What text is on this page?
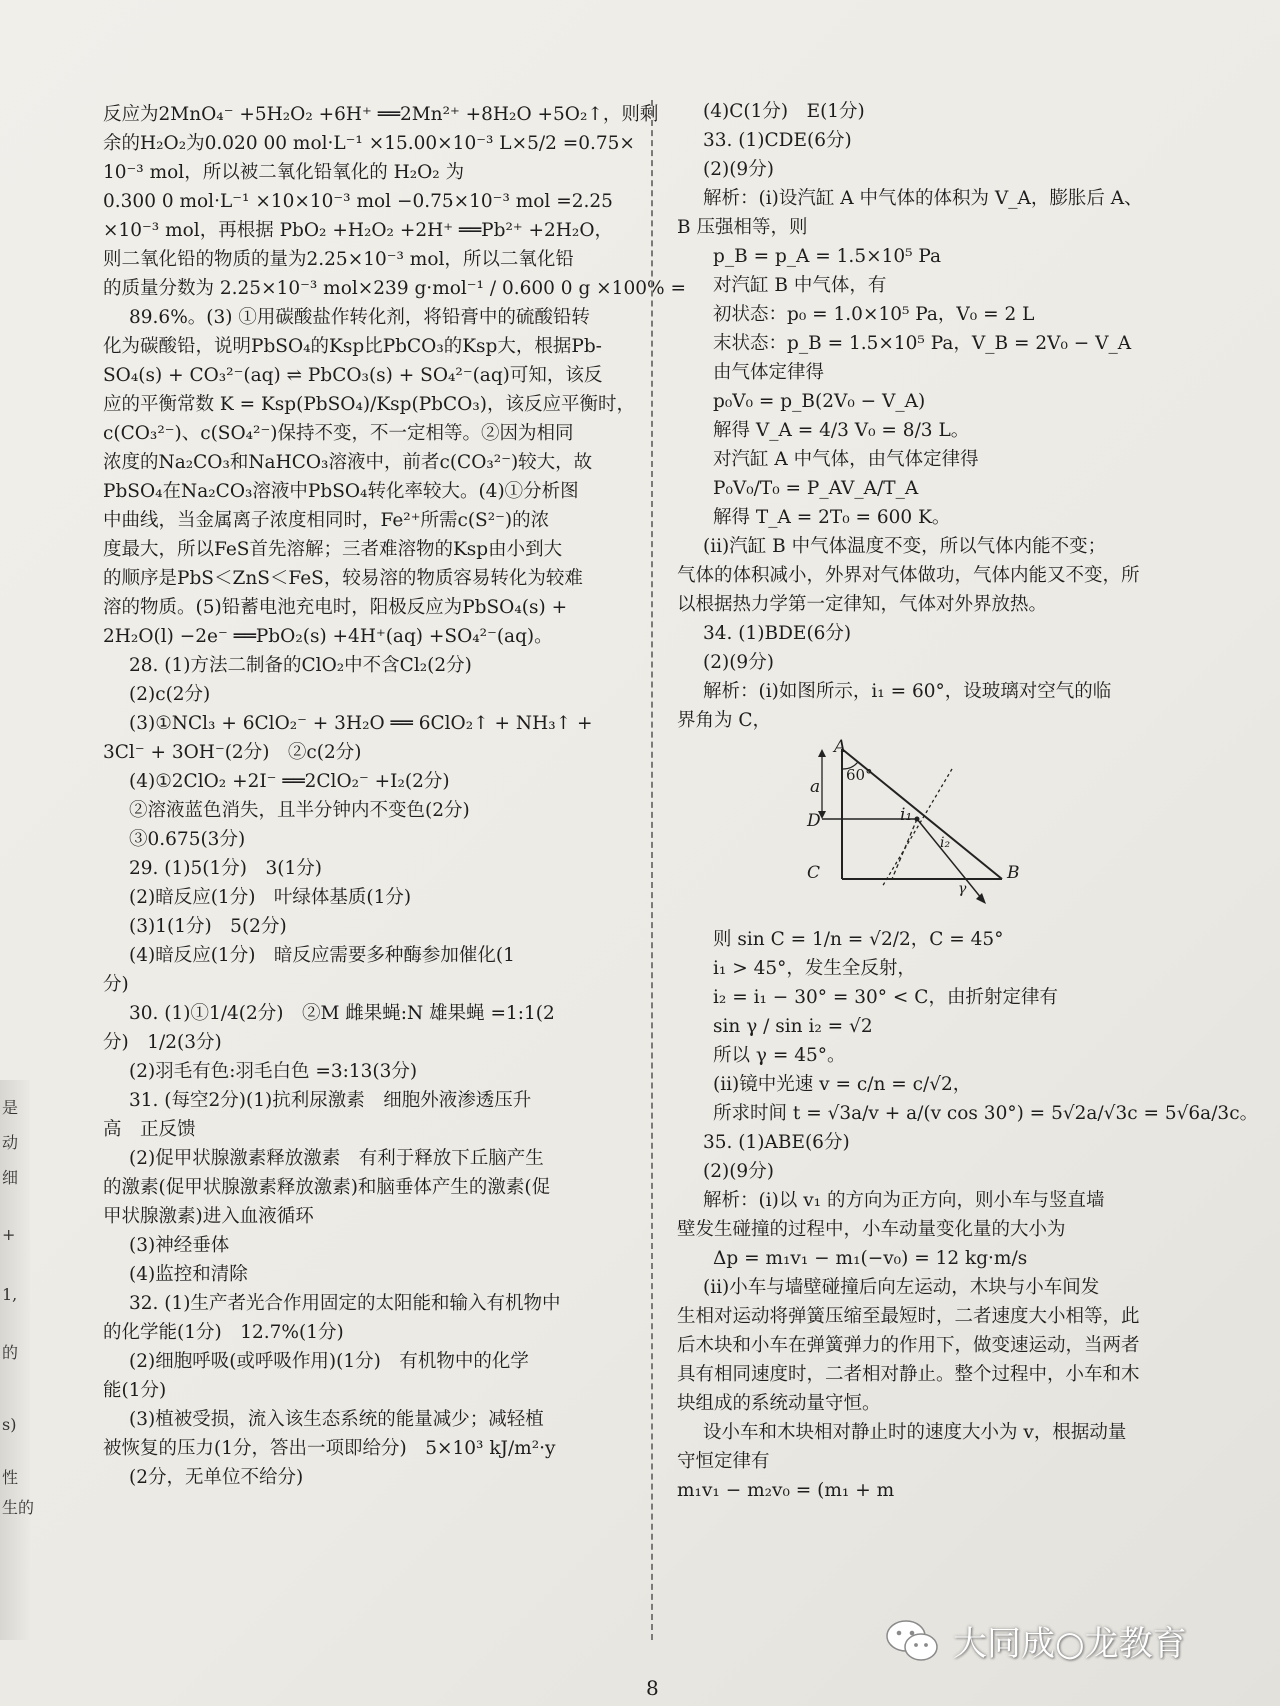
是
动
细
+
1,
的
s)
性
生的
反应为2MnO₄⁻ +5H₂O₂ +6H⁺ ══2Mn²⁺ +8H₂O +5O₂↑，则剩
余的H₂O₂为0.020 00 mol·L⁻¹ ×15.00×10⁻³ L×5/2 =0.75×
10⁻³ mol，所以被二氧化铅氧化的 H₂O₂ 为
0.300 0 mol·L⁻¹ ×10×10⁻³ mol −0.75×10⁻³ mol =2.25
×10⁻³ mol，再根据 PbO₂ +H₂O₂ +2H⁺ ══Pb²⁺ +2H₂O，
则二氧化铅的物质的量为2.25×10⁻³ mol，所以二氧化铅
的质量分数为 2.25×10⁻³ mol×239 g·mol⁻¹ / 0.600 0 g ×100% =
89.6%。(3) ①用碳酸盐作转化剂，将铅膏中的硫酸铅转
化为碳酸铅，说明PbSO₄的Ksp比PbCO₃的Ksp大，根据Pb-
SO₄(s) + CO₃²⁻(aq) ⇌ PbCO₃(s) + SO₄²⁻(aq)可知，该反
应的平衡常数 K = Ksp(PbSO₄)/Ksp(PbCO₃)，该反应平衡时，
c(CO₃²⁻)、c(SO₄²⁻)保持不变，不一定相等。②因为相同
浓度的Na₂CO₃和NaHCO₃溶液中，前者c(CO₃²⁻)较大，故
PbSO₄在Na₂CO₃溶液中PbSO₄转化率较大。(4)①分析图
中曲线，当金属离子浓度相同时，Fe²⁺所需c(S²⁻)的浓
度最大，所以FeS首先溶解；三者难溶物的Ksp由小到大
的顺序是PbS＜ZnS＜FeS，较易溶的物质容易转化为较难
溶的物质。(5)铅蓄电池充电时，阳极反应为PbSO₄(s) +
2H₂O(l) −2e⁻ ══PbO₂(s) +4H⁺(aq) +SO₄²⁻(aq)。
28. (1)方法二制备的ClO₂中不含Cl₂(2分)
(2)c(2分)
(3)①NCl₃ + 6ClO₂⁻ + 3H₂O ══ 6ClO₂↑ + NH₃↑ +
3Cl⁻ + 3OH⁻(2分)　②c(2分)
(4)①2ClO₂ +2I⁻ ══2ClO₂⁻ +I₂(2分)
②溶液蓝色消失，且半分钟内不变色(2分)
③0.675(3分)
29. (1)5(1分)　3(1分)
(2)暗反应(1分)　叶绿体基质(1分)
(3)1(1分)　5(2分)
(4)暗反应(1分)　暗反应需要多种酶参加催化(1
分)
30. (1)①1/4(2分)　②M 雌果蝇:N 雄果蝇 =1:1(2
分)　1/2(3分)
(2)羽毛有色:羽毛白色 =3:13(3分)
31. (每空2分)(1)抗利尿激素　细胞外液渗透压升
高　正反馈
(2)促甲状腺激素释放激素　有利于释放下丘脑产生
的激素(促甲状腺激素释放激素)和脑垂体产生的激素(促
甲状腺激素)进入血液循环
(3)神经垂体
(4)监控和清除
32. (1)生产者光合作用固定的太阳能和输入有机物中
的化学能(1分)　12.7%(1分)
(2)细胞呼吸(或呼吸作用)(1分)　有机物中的化学
能(1分)
(3)植被受损，流入该生态系统的能量减少；减轻植
被恢复的压力(1分，答出一项即给分)　5×10³ kJ/m²·y
(2分，无单位不给分)
(4)C(1分)　E(1分)
33. (1)CDE(6分)
(2)(9分)
解析：(ⅰ)设汽缸 A 中气体的体积为 V_A，膨胀后 A、
B 压强相等，则
p_B = p_A = 1.5×10⁵ Pa
对汽缸 B 中气体，有
初状态：p₀ = 1.0×10⁵ Pa，V₀ = 2 L
末状态：p_B = 1.5×10⁵ Pa，V_B = 2V₀ − V_A
由气体定律得
p₀V₀ = p_B(2V₀ − V_A)
解得 V_A = 4/3 V₀ = 8/3 L。
对汽缸 A 中气体，由气体定律得
P₀V₀/T₀ = P_AV_A/T_A
解得 T_A = 2T₀ = 600 K。
(ⅱ)汽缸 B 中气体温度不变，所以气体内能不变；
气体的体积减小，外界对气体做功，气体内能又不变，所
以根据热力学第一定律知，气体对外界放热。
34. (1)BDE(6分)
(2)(9分)
解析：(ⅰ)如图所示，i₁ = 60°，设玻璃对空气的临
界角为 C，
A
B
C
D
a
60°
i₁
i₂
γ
则 sin C = 1/n = √2/2，C = 45°
i₁ > 45°，发生全反射，
i₂ = i₁ − 30° = 30° < C，由折射定律有
sin γ / sin i₂ = √2
所以 γ = 45°。
(ⅱ)镜中光速 v = c/n = c/√2，
所求时间 t = √3a/v + a/(v cos 30°) = 5√2a/√3c = 5√6a/3c。
35. (1)ABE(6分)
(2)(9分)
解析：(ⅰ)以 v₁ 的方向为正方向，则小车与竖直墙
壁发生碰撞的过程中，小车动量变化量的大小为
Δp = m₁v₁ − m₁(−v₀) = 12 kg·m/s
(ⅱ)小车与墙壁碰撞后向左运动，木块与小车间发
生相对运动将弹簧压缩至最短时，二者速度大小相等，此
后木块和小车在弹簧弹力的作用下，做变速运动，当两者
具有相同速度时，二者相对静止。整个过程中，小车和木
块组成的系统动量守恒。
设小车和木块相对静止时的速度大小为 v，根据动量
守恒定律有
m₁v₁ − m₂v₀ = (m₁ + m
8
大同成○龙教育
